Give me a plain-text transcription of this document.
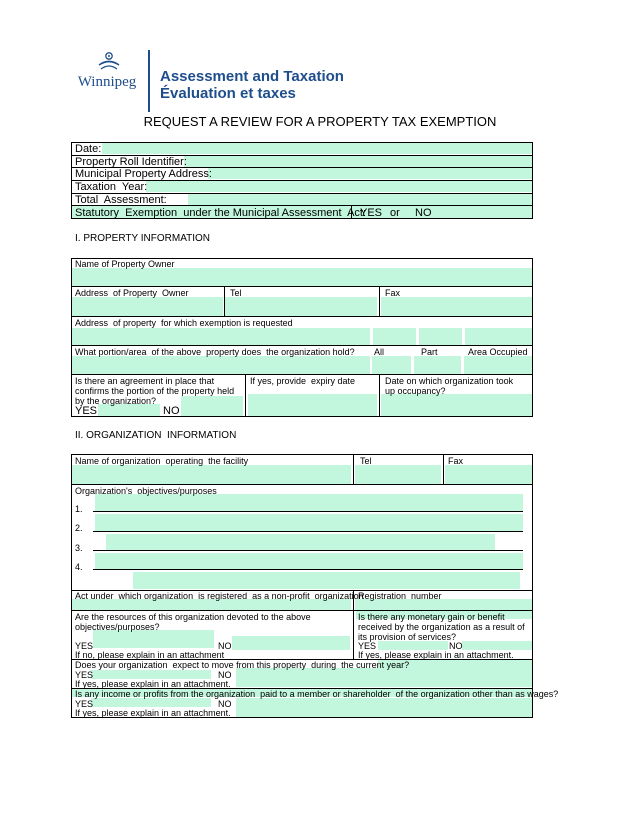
Winnipeg Assessment and Taxation
Évaluation et taxes
REQUEST A REVIEW FOR A PROPERTY TAX EXEMPTION
Date:
Property Roll Identifier:
Municipal Property Address:
Taxation  Year:
Total  Assessment:
Statutory  Exemption  under the Municipal Assessment  Act:
YES or NO
I. PROPERTY INFORMATION
Name of Property Owner
Address  of Property  Owner	Tel	Fax
Address  of property  for which exemption is requested
What portion/area  of the above  property does  the organization hold? All	Part	Area Occupied
Is there an agreement in place that confirms the portion of the property held by the organization?
YES	NO
If yes, provide  expiry date	Date on which organization took up occupancy?
II. ORGANIZATION  INFORMATION
Name of organization  operating  the facility	Tel	Fax
Organization's  objectives/purposes
1.
2.
3.
4.
Act under  which organization  is registered  as a non-profit  organization
Registration  number
Are the resources of this organization devoted to the above objectives/purposes?
YES	NO
If no, please explain in an attachment
Is there any monetary gain or benefit received by the organization as a result of its provision of services?
YES	NO
If yes, please explain in an attachment.
Does your organization  expect to move from this property  during  the current year?
YES	NO
If yes, please explain in an attachment.
Is any income or profits from the organization  paid to a member or shareholder  of the organization other than as wages?
YES	NO
If yes, please explain in an attachment.
